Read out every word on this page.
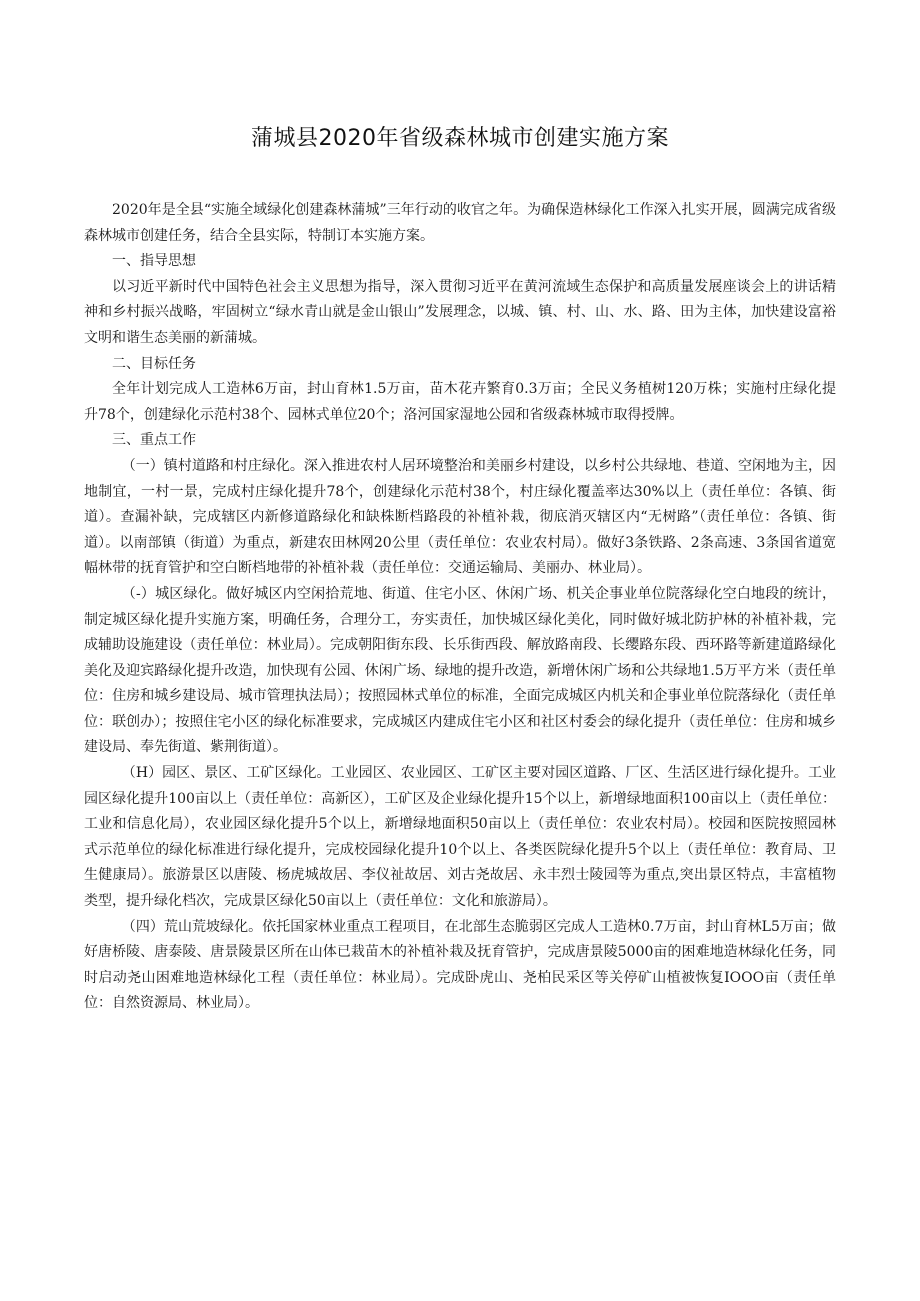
蒲城县2020年省级森林城市创建实施方案

2020年是全县“实施全域绿化创建森林蒲城”三年行动的收官之年。为确保造林绿化工作深入扎实开展，圆满完成省级森林城市创建任务，结合全县实际，特制订本实施方案。

一、指导思想

以习近平新时代中国特色社会主义思想为指导，深入贯彻习近平在黄河流域生态保护和高质量发展座谈会上的讲话精神和乡村振兴战略，牢固树立“绿水青山就是金山银山”发展理念，以城、镇、村、山、水、路、田为主体，加快建设富裕文明和谐生态美丽的新蒲城。

二、目标任务

全年计划完成人工造林6万亩，封山育林1.5万亩，苗木花卉繁育0.3万亩；全民义务植树120万株；实施村庄绿化提升78个，创建绿化示范村38个、园林式单位20个；洛河国家湿地公园和省级森林城市取得授牌。

三、重点工作

（一）镇村道路和村庄绿化。深入推进农村人居环境整治和美丽乡村建设，以乡村公共绿地、巷道、空闲地为主，因地制宜，一村一景，完成村庄绿化提升78个，创建绿化示范村38个，村庄绿化覆盖率达30%以上（责任单位：各镇、街道）。查漏补缺，完成辖区内新修道路绿化和缺株断档路段的补植补栽，彻底消灭辖区内“无树路”（责任单位：各镇、街道）。以南部镇（街道）为重点，新建农田林网20公里（责任单位：农业农村局）。做好3条铁路、2条高速、3条国省道宽幅林带的抚育管护和空白断档地带的补植补栽（责任单位：交通运输局、美丽办、林业局）。

（-）城区绿化。做好城区内空闲拾荒地、街道、住宅小区、休闲广场、机关企事业单位院落绿化空白地段的统计，制定城区绿化提升实施方案，明确任务，合理分工，夯实责任，加快城区绿化美化，同时做好城北防护林的补植补栽，完成辅助设施建设（责任单位：林业局）。完成朝阳街东段、长乐街西段、解放路南段、长缨路东段、西环路等新建道路绿化美化及迎宾路绿化提升改造，加快现有公园、休闲广场、绿地的提升改造，新增休闲广场和公共绿地1.5万平方米（责任单位：住房和城乡建设局、城市管理执法局）；按照园林式单位的标准，全面完成城区内机关和企事业单位院落绿化（责任单位：联创办）；按照住宅小区的绿化标准要求，完成城区内建成住宅小区和社区村委会的绿化提升（责任单位：住房和城乡建设局、奉先街道、紫荆街道）。

（H）园区、景区、工矿区绿化。工业园区、农业园区、工矿区主要对园区道路、厂区、生活区进行绿化提升。工业园区绿化提升100亩以上（责任单位：高新区），工矿区及企业绿化提升15个以上，新增绿地面积100亩以上（责任单位：工业和信息化局），农业园区绿化提升5个以上，新增绿地面积50亩以上（责任单位：农业农村局）。校园和医院按照园林式示范单位的绿化标准进行绿化提升，完成校园绿化提升10个以上、各类医院绿化提升5个以上（责任单位：教育局、卫生健康局）。旅游景区以唐陵、杨虎城故居、李仪祉故居、刘古尧故居、永丰烈士陵园等为重点,突出景区特点，丰富植物类型，提升绿化档次，完成景区绿化50亩以上（责任单位：文化和旅游局）。

（四）荒山荒坡绿化。依托国家林业重点工程项目，在北部生态脆弱区完成人工造林0.7万亩，封山育林L5万亩；做好唐桥陵、唐泰陵、唐景陵景区所在山体已栽苗木的补植补栽及抚育管护，完成唐景陵5000亩的困难地造林绿化任务，同时启动尧山困难地造林绿化工程（责任单位：林业局）。完成卧虎山、尧柏民采区等关停矿山植被恢复IOOO亩（责任单位：自然资源局、林业局）。
